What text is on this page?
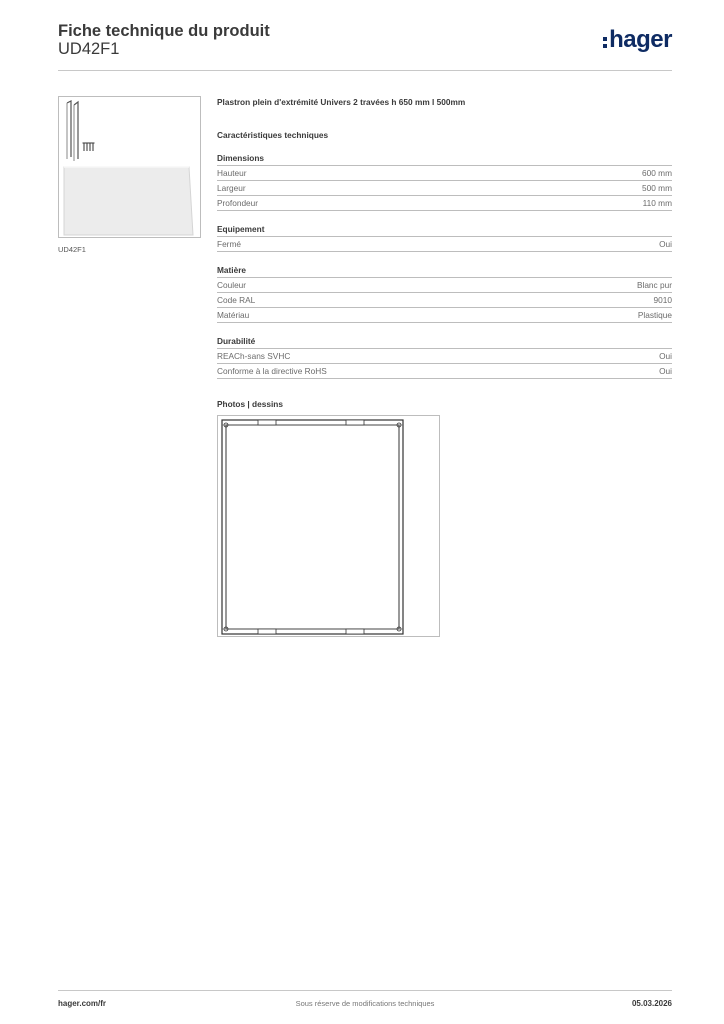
Fiche technique du produit
UD42F1	hager
UD42F1
Plastron plein d'extrémité Univers 2 travées h 650 mm l 500mm
Caractéristiques techniques
Dimensions
Hauteur	600 mm
Largeur	500 mm
Profondeur	110 mm
Equipement
Fermé	Oui
Matière
Couleur	Blanc pur
Code RAL	9010
Matériau	Plastique
Durabilité
REACh-sans SVHC	Oui
Conforme à la directive RoHS	Oui
Photos | dessins
hager.com/fr	Sous réserve de modifications techniques	05.03.2026
